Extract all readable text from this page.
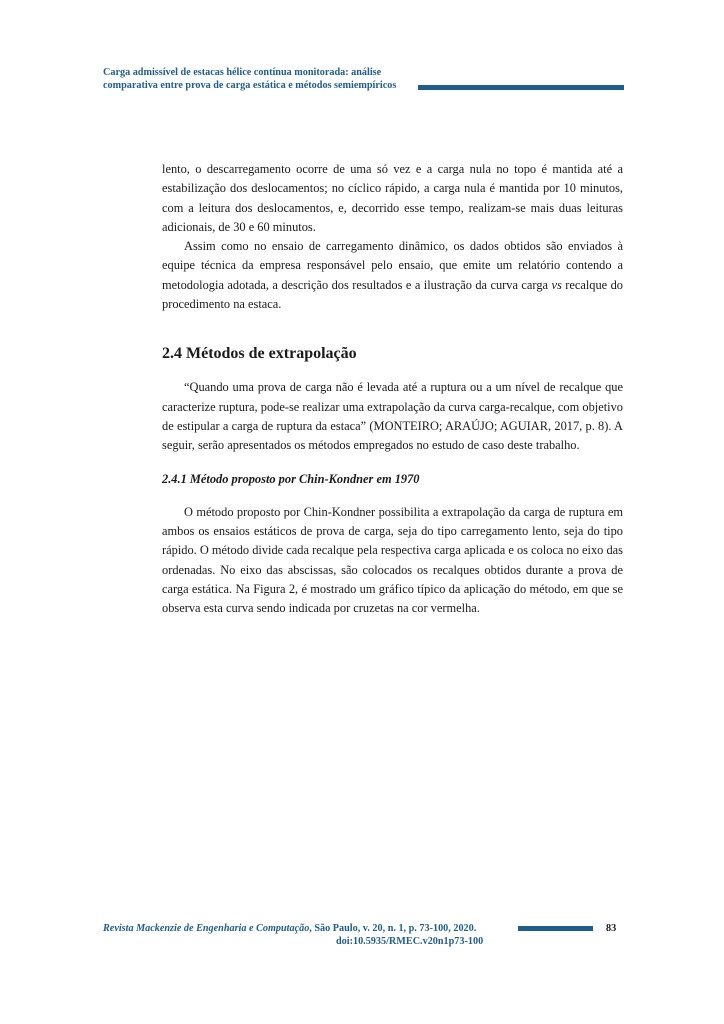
Carga admissível de estacas hélice contínua monitorada: análise
comparativa entre prova de carga estática e métodos semiempíricos

lento, o descarregamento ocorre de uma só vez e a carga nula no topo é mantida até a estabilização dos deslocamentos; no cíclico rápido, a carga nula é mantida por 10 minutos, com a leitura dos deslocamentos, e, decorrido esse tempo, realizam-se mais duas leituras adicionais, de 30 e 60 minutos.

Assim como no ensaio de carregamento dinâmico, os dados obtidos são enviados à equipe técnica da empresa responsável pelo ensaio, que emite um relatório contendo a metodologia adotada, a descrição dos resultados e a ilustração da curva carga vs recalque do procedimento na estaca.

2.4 Métodos de extrapolação

“Quando uma prova de carga não é levada até a ruptura ou a um nível de recalque que caracterize ruptura, pode-se realizar uma extrapolação da curva carga-recalque, com objetivo de estipular a carga de ruptura da estaca” (MONTEIRO; ARAÚJO; AGUIAR, 2017, p. 8). A seguir, serão apresentados os métodos empregados no estudo de caso deste trabalho.

2.4.1 Método proposto por Chin-Kondner em 1970

O método proposto por Chin-Kondner possibilita a extrapolação da carga de ruptura em ambos os ensaios estáticos de prova de carga, seja do tipo carregamento lento, seja do tipo rápido. O método divide cada recalque pela respectiva carga aplicada e os coloca no eixo das ordenadas. No eixo das abscissas, são colocados os recalques obtidos durante a prova de carga estática. Na Figura 2, é mostrado um gráfico típico da aplicação do método, em que se observa esta curva sendo indicada por cruzetas na cor vermelha.

Revista Mackenzie de Engenharia e Computação, São Paulo, v. 20, n. 1, p. 73-100, 2020.
doi:10.5935/RMEC.v20n1p73-100
83
